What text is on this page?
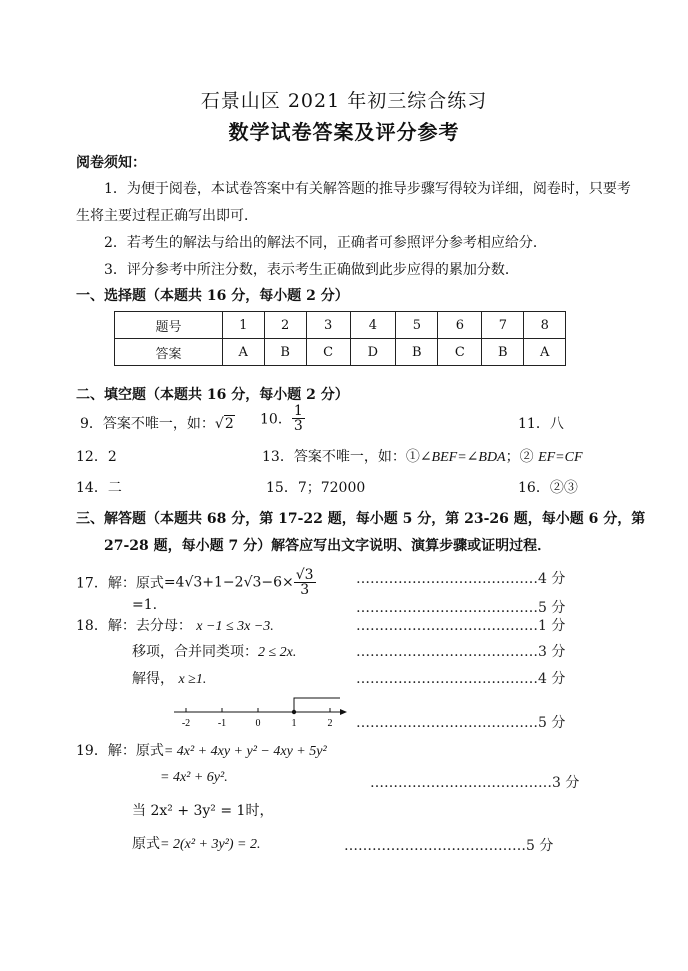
石景山区 2021 年初三综合练习
数学试卷答案及评分参考
阅卷须知：
1．为便于阅卷，本试卷答案中有关解答题的推导步骤写得较为详细，阅卷时，只要考
生将主要过程正确写出即可．
2．若考生的解法与给出的解法不同，正确者可参照评分参考相应给分．
3．评分参考中所注分数，表示考生正确做到此步应得的累加分数．
一、选择题（本题共 16 分，每小题 2 分）
题号	1	2	3	4	5	6	7	8
答案	A	B	C	D	B	C	B	A
二、填空题（本题共 16 分，每小题 2 分）
9．答案不唯一，如：√2 10． $\frac{1}{3}$	11．八
12．2	13．答案不唯一，如：①∠BEF=∠BDA；② EF=CF
14．二	15．7；72000	16．②③
三、解答题（本题共 68 分，第 17-22 题，每小题 5 分，第 23-26 题，每小题 6 分，第
27-28 题，每小题 7 分）解答应写出文字说明、演算步骤或证明过程．
17．解：原式$=4√3+1-2√3-6\times \frac{√3}{3}$	…………………………………4 分
=1.	…………………………………5 分
18．解：去分母： x −1 ≤ 3x −3.	…………………………………1 分
移项，合并同类项：2 ≤ 2x.	…………………………………3 分
解得， x ≥1.	…………………………………4 分
-2	-1	0	1	2 …………………………………5 分
19．解：原式= 4x² + 4xy + y² − 4xy + 5y²
= 4x² + 6y².	…………………………………3 分
当 2x² + 3y² = 1时，
原式= 2(x² + 3y²) = 2.	…………………………………5 分
